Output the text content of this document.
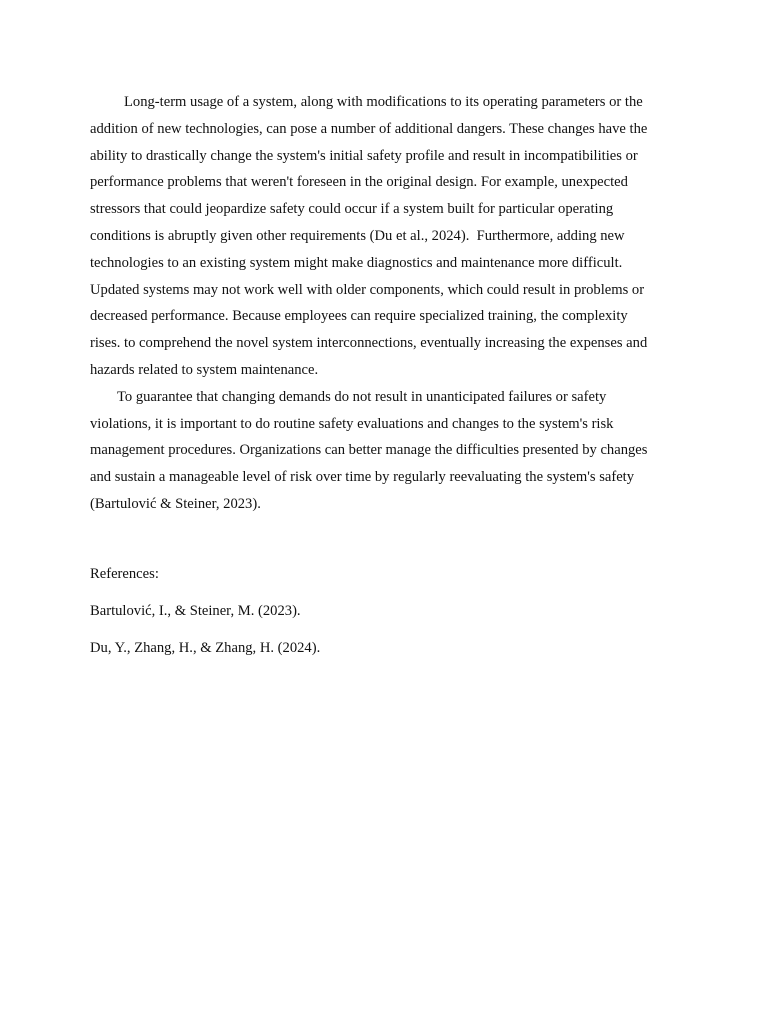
Long-term usage of a system, along with modifications to its operating parameters or the
addition of new technologies, can pose a number of additional dangers. These changes have the
ability to drastically change the system's initial safety profile and result in incompatibilities or
performance problems that weren't foreseen in the original design. For example, unexpected
stressors that could jeopardize safety could occur if a system built for particular operating
conditions is abruptly given other requirements (Du et al., 2024).  Furthermore, adding new
technologies to an existing system might make diagnostics and maintenance more difficult.
Updated systems may not work well with older components, which could result in problems or
decreased performance. Because employees can require specialized training, the complexity
rises. to comprehend the novel system interconnections, eventually increasing the expenses and
hazards related to system maintenance.
To guarantee that changing demands do not result in unanticipated failures or safety
violations, it is important to do routine safety evaluations and changes to the system's risk
management procedures. Organizations can better manage the difficulties presented by changes
and sustain a manageable level of risk over time by regularly reevaluating the system's safety
(Bartulović & Steiner, 2023).
References:
Bartulović, I., & Steiner, M. (2023).
Du, Y., Zhang, H., & Zhang, H. (2024).
